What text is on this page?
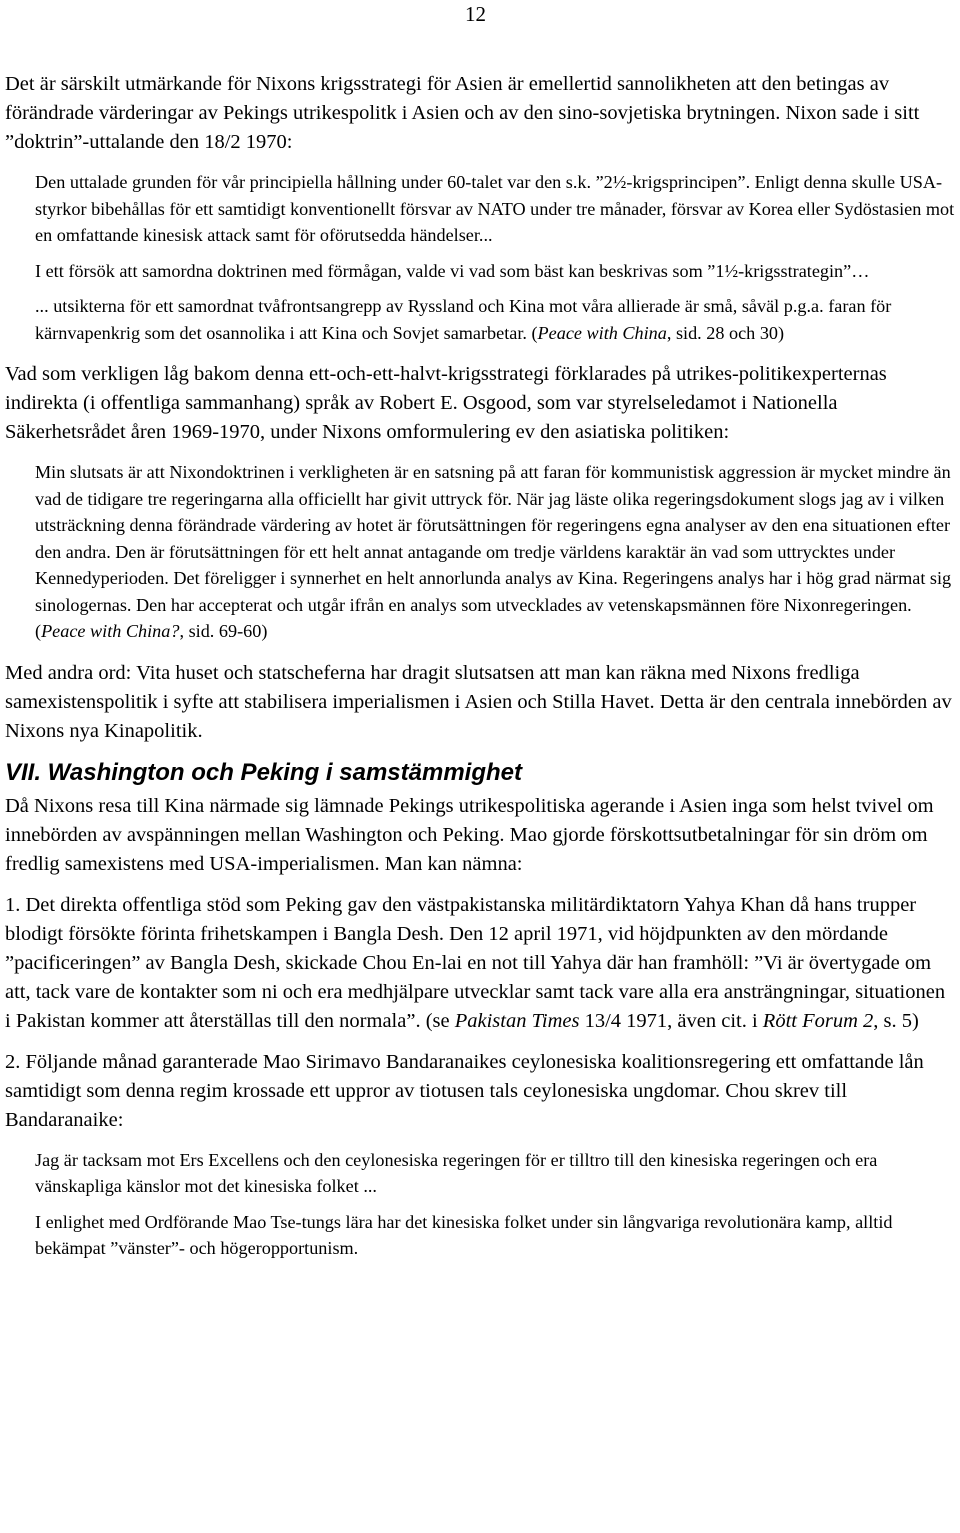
12

Det är särskilt utmärkande för Nixons krigsstrategi för Asien är emellertid sannolikheten att den betingas av förändrade värderingar av Pekings utrikespolitk i Asien och av den sino-sovjetiska brytningen. Nixon sade i sitt ”doktrin”-uttalande den 18/2 1970:

Den uttalade grunden för vår principiella hållning under 60-talet var den s.k. ”2½-krigsprincipen”. Enligt denna skulle USA-styrkor bibehållas för ett samtidigt konventionellt försvar av NATO under tre månader, försvar av Korea eller Sydöstasien mot en omfattande kinesisk attack samt för oförutsedda händelser...

I ett försök att samordna doktrinen med förmågan, valde vi vad som bäst kan beskrivas som ”1½-krigsstrategin”…

... utsikterna för ett samordnat tvåfrontsangrepp av Ryssland och Kina mot våra allierade är små, såväl p.g.a. faran för kärnvapenkrig som det osannolika i att Kina och Sovjet samarbetar. (Peace with China, sid. 28 och 30)

Vad som verkligen låg bakom denna ett-och-ett-halvt-krigsstrategi förklarades på utrikes-politikexperternas indirekta (i offentliga sammanhang) språk av Robert E. Osgood, som var styrelseledamot i Nationella Säkerhetsrådet åren 1969-1970, under Nixons omformulering ev den asiatiska politiken:

Min slutsats är att Nixondoktrinen i verkligheten är en satsning på att faran för kommunistisk aggression är mycket mindre än vad de tidigare tre regeringarna alla officiellt har givit uttryck för. När jag läste olika regeringsdokument slogs jag av i vilken utsträckning denna förändrade värdering av hotet är förutsättningen för regeringens egna analyser av den ena situationen efter den andra. Den är förutsättningen för ett helt annat antagande om tredje världens karaktär än vad som uttrycktes under Kennedyperioden. Det föreligger i synnerhet en helt annorlunda analys av Kina. Regeringens analys har i hög grad närmat sig sinologernas. Den har accepterat och utgår ifrån en analys som utvecklades av vetenskapsmännen före Nixonregeringen. (Peace with China?, sid. 69-60)

Med andra ord: Vita huset och statscheferna har dragit slutsatsen att man kan räkna med Nixons fredliga samexistenspolitik i syfte att stabilisera imperialismen i Asien och Stilla Havet. Detta är den centrala innebörden av Nixons nya Kinapolitik.

VII. Washington och Peking i samstämmighet

Då Nixons resa till Kina närmade sig lämnade Pekings utrikespolitiska agerande i Asien inga som helst tvivel om innebörden av avspänningen mellan Washington och Peking. Mao gjorde förskottsutbetalningar för sin dröm om fredlig samexistens med USA-imperialismen. Man kan nämna:

1. Det direkta offentliga stöd som Peking gav den västpakistanska militärdiktatorn Yahya Khan då hans trupper blodigt försökte förinta frihetskampen i Bangla Desh. Den 12 april 1971, vid höjdpunkten av den mördande ”pacificeringen” av Bangla Desh, skickade Chou En-lai en not till Yahya där han framhöll: ”Vi är övertygade om att, tack vare de kontakter som ni och era medhjälpare utvecklar samt tack vare alla era ansträngningar, situationen i Pakistan kommer att återställas till den normala”. (se Pakistan Times 13/4 1971, även cit. i Rött Forum 2, s. 5)

2. Följande månad garanterade Mao Sirimavo Bandaranaikes ceylonesiska koalitionsregering ett omfattande lån samtidigt som denna regim krossade ett uppror av tiotusen tals ceylonesiska ungdomar. Chou skrev till Bandaranaike:

Jag är tacksam mot Ers Excellens och den ceylonesiska regeringen för er tilltro till den kinesiska regeringen och era vänskapliga känslor mot det kinesiska folket ...

I enlighet med Ordförande Mao Tse-tungs lära har det kinesiska folket under sin långvariga revolutionära kamp, alltid bekämpat ”vänster”- och högeropportunism.
